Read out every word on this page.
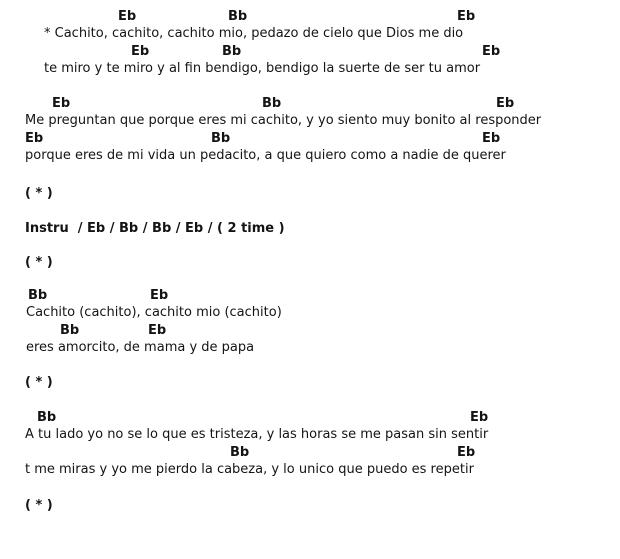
Eb	Bb	Eb
* Cachito, cachito, cachito mio, pedazo de cielo que Dios me dio
Eb	Bb	Eb
te miro y te miro y al fin bendigo, bendigo la suerte de ser tu amor
Eb	Bb	Eb
Me preguntan que porque eres mi cachito, y yo siento muy bonito al responder
Eb	Bb	Eb
porque eres de mi vida un pedacito, a que quiero como a nadie de querer
( * )
Instru  / Eb / Bb / Bb / Eb / ( 2 time )
( * )
Bb	Eb
Cachito (cachito), cachito mio (cachito)
Bb	Eb
eres amorcito, de mama y de papa
( * )
Bb	Eb
A tu lado yo no se lo que es tristeza, y las horas se me pasan sin sentir
Bb	Eb
t me miras y yo me pierdo la cabeza, y lo unico que puedo es repetir
( * )
